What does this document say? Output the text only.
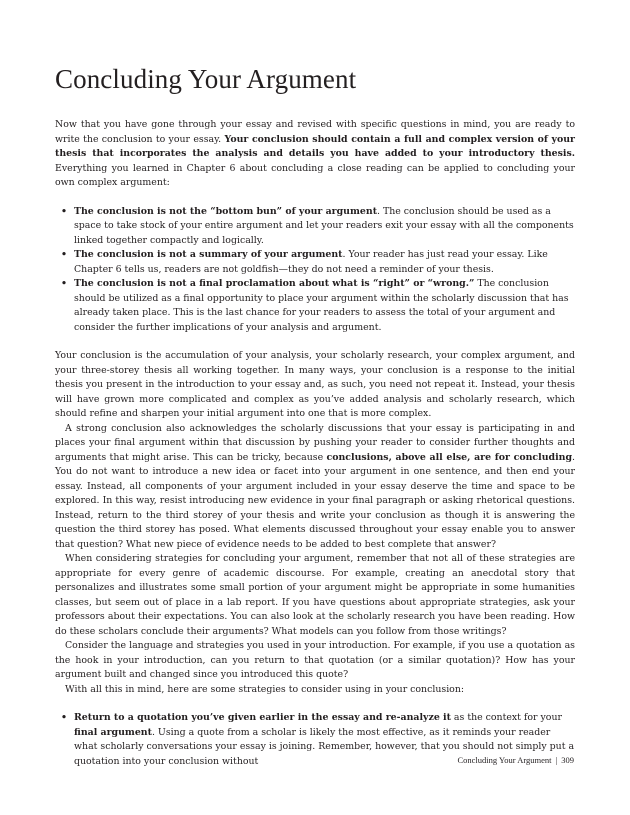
Concluding Your Argument

Now that you have gone through your essay and revised with specific questions in mind, you are ready to write the conclusion to your essay. Your conclusion should contain a full and complex version of your thesis that incorporates the analysis and details you have added to your introductory thesis. Everything you learned in Chapter 6 about concluding a close reading can be applied to concluding your own complex argument:

• The conclusion is not the “bottom bun” of your argument. The conclusion should be used as a space to take stock of your entire argument and let your readers exit your essay with all the components linked together compactly and logically.
• The conclusion is not a summary of your argument. Your reader has just read your essay. Like Chapter 6 tells us, readers are not goldfish—they do not need a reminder of your thesis.
• The conclusion is not a final proclamation about what is “right” or “wrong.” The conclusion should be utilized as a final opportunity to place your argument within the scholarly discussion that has already taken place. This is the last chance for your readers to assess the total of your argument and consider the further implications of your analysis and argument.

Your conclusion is the accumulation of your analysis, your scholarly research, your complex argument, and your three-storey thesis all working together. In many ways, your conclusion is a response to the initial thesis you present in the introduction to your essay and, as such, you need not repeat it. Instead, your thesis will have grown more complicated and complex as you’ve added analysis and scholarly research, which should refine and sharpen your initial argument into one that is more complex.

A strong conclusion also acknowledges the scholarly discussions that your essay is participating in and places your final argument within that discussion by pushing your reader to consider further thoughts and arguments that might arise. This can be tricky, because conclusions, above all else, are for concluding. You do not want to introduce a new idea or facet into your argument in one sentence, and then end your essay. Instead, all components of your argument included in your essay deserve the time and space to be explored. In this way, resist introducing new evidence in your final paragraph or asking rhetorical questions. Instead, return to the third storey of your thesis and write your conclusion as though it is answering the question the third storey has posed. What elements discussed throughout your essay enable you to answer that question? What new piece of evidence needs to be added to best complete that answer?

When considering strategies for concluding your argument, remember that not all of these strategies are appropriate for every genre of academic discourse. For example, creating an anecdotal story that personalizes and illustrates some small portion of your argument might be appropriate in some humanities classes, but seem out of place in a lab report. If you have questions about appropriate strategies, ask your professors about their expectations. You can also look at the scholarly research you have been reading. How do these scholars conclude their arguments? What models can you follow from those writings?

Consider the language and strategies you used in your introduction. For example, if you use a quotation as the hook in your introduction, can you return to that quotation (or a similar quotation)? How has your argument built and changed since you introduced this quote?

With all this in mind, here are some strategies to consider using in your conclusion:

• Return to a quotation you’ve given earlier in the essay and re-analyze it as the context for your final argument. Using a quote from a scholar is likely the most effective, as it reminds your reader what scholarly conversations your essay is joining. Remember, however, that you should not simply put a quotation into your conclusion without	Concluding Your Argument | 309
